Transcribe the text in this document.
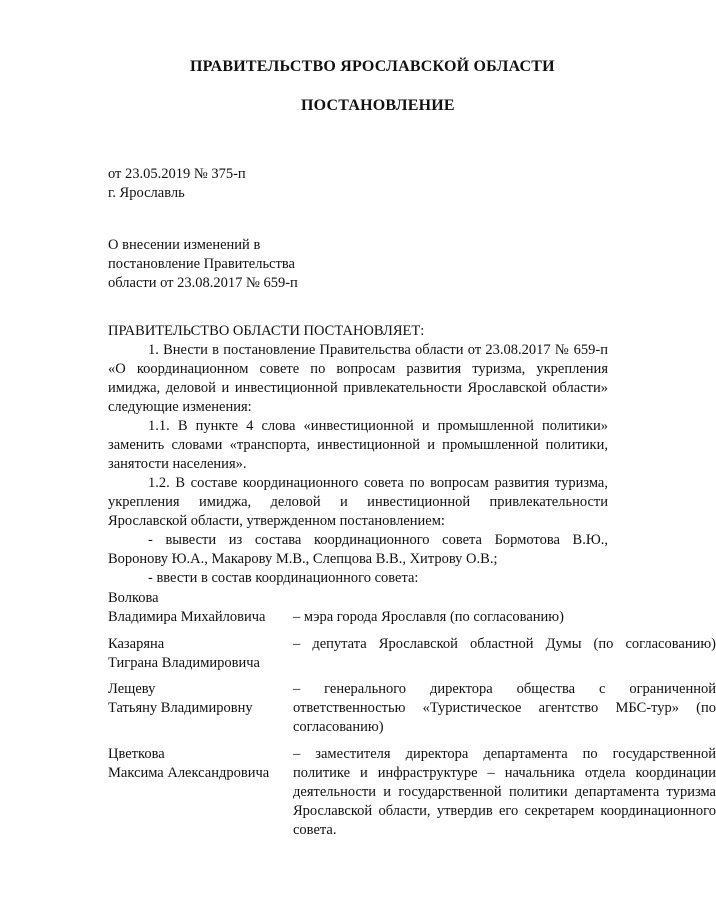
ПРАВИТЕЛЬСТВО ЯРОСЛАВСКОЙ ОБЛАСТИ
ПОСТАНОВЛЕНИЕ
от 23.05.2019 № 375-п
г. Ярославль
О внесении изменений в
постановление Правительства
области от 23.08.2017 № 659-п
ПРАВИТЕЛЬСТВО ОБЛАСТИ ПОСТАНОВЛЯЕТ:
1. Внести в постановление Правительства области от 23.08.2017 № 659-п «О координационном совете по вопросам развития туризма, укрепления имиджа, деловой и инвестиционной привлекательности Ярославской области» следующие изменения:
1.1. В пункте 4 слова «инвестиционной и промышленной политики» заменить словами «транспорта, инвестиционной и промышленной политики, занятости населения».
1.2. В составе координационного совета по вопросам развития туризма, укрепления имиджа, деловой и инвестиционной привлекательности Ярославской области, утвержденном постановлением:
- вывести из состава координационного совета Бормотова В.Ю., Воронову Ю.А., Макарову М.В., Слепцова В.В., Хитрову О.В.;
- ввести в состав координационного совета:
Волкова
Владимира Михайловича	– мэра города Ярославля (по согласованию)
Казаряна
Тиграна Владимировича
– депутата Ярославской областной Думы (по согласованию)
Лещеву
Татьяну Владимировну
– генерального директора общества с ограниченной ответственностью «Туристическое агентство МБС-тур» (по согласованию)
Цветкова
Максима Александровича
– заместителя директора департамента по государственной политике и инфраструктуре – начальника отдела координации деятельности и государственной политики департамента туризма Ярославской области, утвердив его секретарем координационного совета.
